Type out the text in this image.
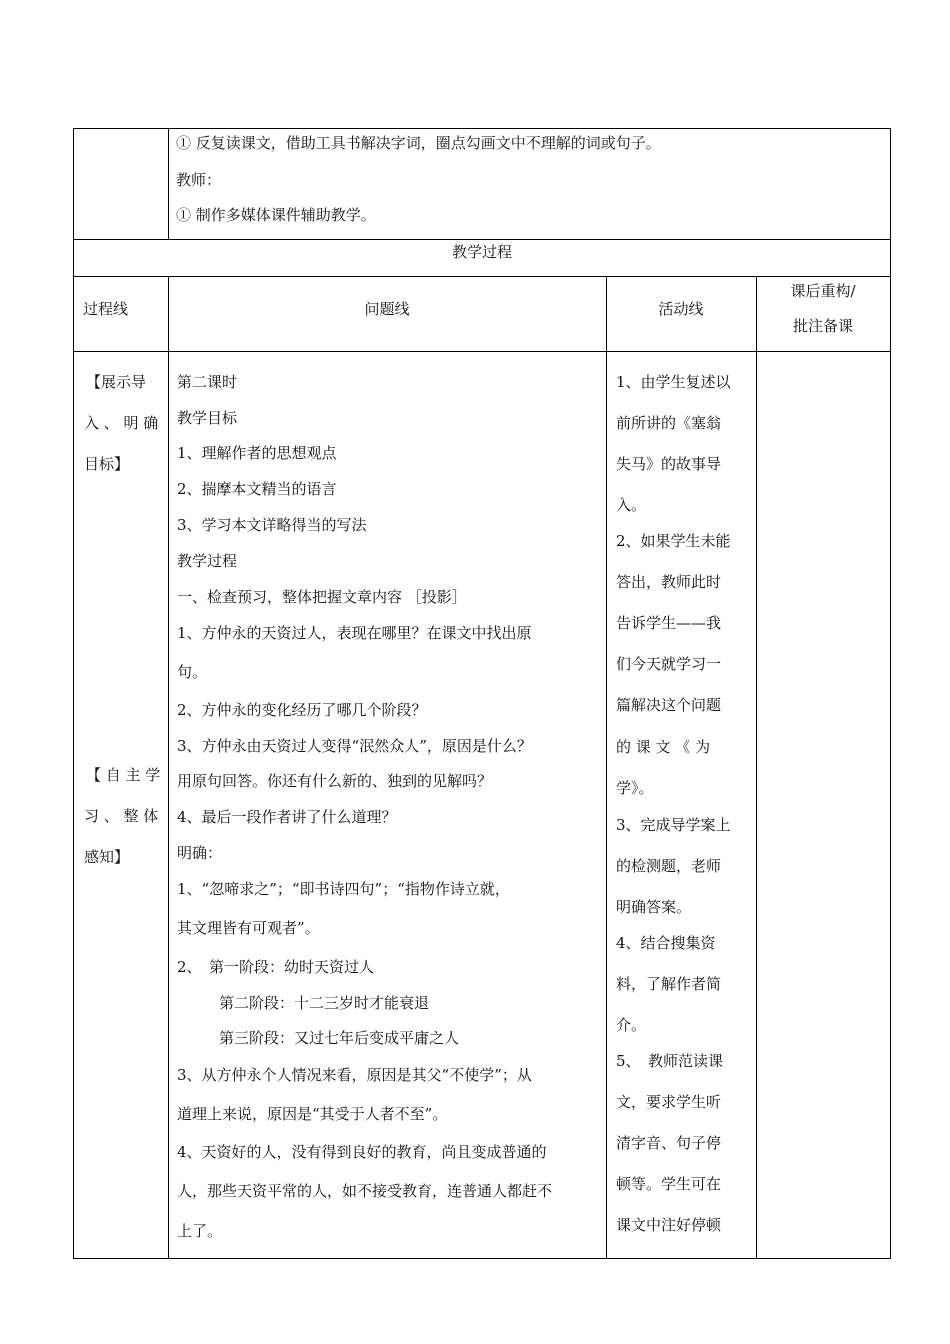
① 反复读课文，借助工具书解决字词，圈点勾画文中不理解的词或句子。
教师：
① 制作多媒体课件辅助教学。
教学过程
过程线	问题线	活动线
课后重构/
批注备课
【展示导
入 、 明 确
目标】
【 自 主 学
习 、 整 体
感知】
第二课时
教学目标
1、理解作者的思想观点
2、揣摩本文精当的语言
3、学习本文详略得当的写法
教学过程
一、检查预习，整体把握文章内容 ［投影］
1、方仲永的天资过人，表现在哪里？在课文中找出原
句。
2、方仲永的变化经历了哪几个阶段？
3、方仲永由天资过人变得“泯然众人”，原因是什么？
用原句回答。你还有什么新的、独到的见解吗？
4、最后一段作者讲了什么道理？
明确：
1、“忽啼求之”；“即书诗四句”；“指物作诗立就，
其文理皆有可观者”。
2、　第一阶段：幼时天资过人
第二阶段：十二三岁时才能衰退
第三阶段：又过七年后变成平庸之人
3、从方仲永个人情况来看，原因是其父“不使学”；从
道理上来说，原因是“其受于人者不至”。
4、天资好的人，没有得到良好的教育，尚且变成普通的
人，那些天资平常的人，如不接受教育，连普通人都赶不
上了。
1、由学生复述以
前所讲的《塞翁
失马》的故事导
入。
2、如果学生未能
答出，教师此时
告诉学生——我
们今天就学习一
篇解决这个问题
的 课 文 《 为
学》。
3、完成导学案上
的检测题，老师
明确答案。
4、结合搜集资
料，了解作者简
介。
5、　教师范读课
文，要求学生听
清字音、句子停
顿等。学生可在
课文中注好停顿
